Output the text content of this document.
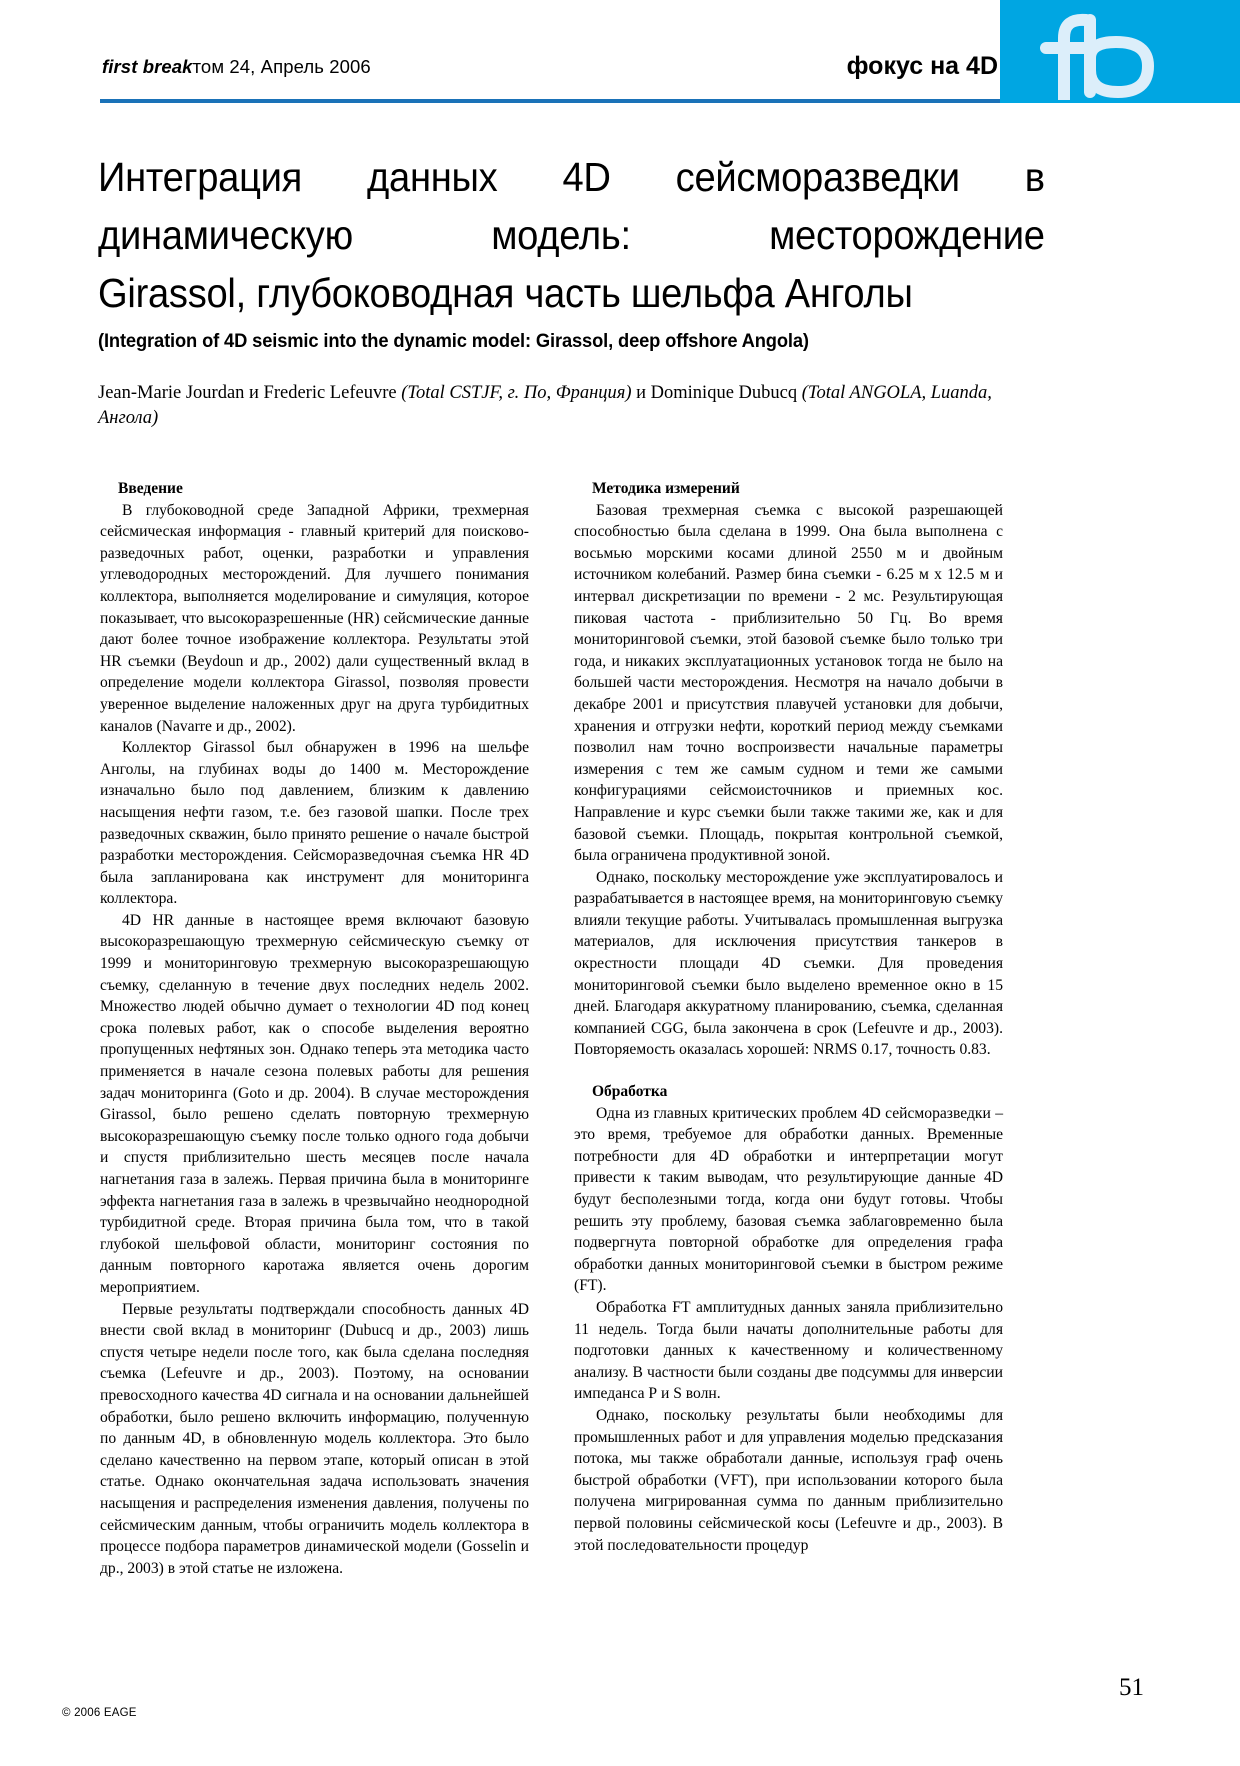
first breakтом 24, Апрель 2006	фокус на 4D
Интеграция данных 4D сейсморазведки в
динамическую модель: месторождение
Girassol, глубоководная часть шельфа Анголы
(Integration of 4D seismic into the dynamic model: Girassol, deep offshore Angola)
Jean-Marie Jourdan и Frederic Lefeuvre (Total CSTJF, г. По, Франция) и Dominique Dubucq (Total ANGOLA, Luanda, Ангола)
Введение

В глубоководной среде Западной Африки, трехмерная сейсмическая информация - главный критерий для поисково-разведочных работ, оценки, разработки и управления углеводородных месторождений. Для лучшего понимания коллектора, выполняется моделирование и симуляция, которое показывает, что высокоразрешенные (HR) сейсмические данные дают более точное изображение коллектора. Результаты этой HR съемки (Beydoun и др., 2002) дали существенный вклад в определение модели коллектора Girassol, позволяя провести уверенное выделение наложенных друг на друга турбидитных каналов (Navarre и др., 2002).

Коллектор Girassol был обнаружен в 1996 на шельфе Анголы, на глубинах воды до 1400 м. Месторождение изначально было под давлением, близким к давлению насыщения нефти газом, т.е. без газовой шапки. После трех разведочных скважин, было принято решение о начале быстрой разработки месторождения. Сейсморазведочная съемка HR 4D была запланирована как инструмент для мониторинга коллектора.

4D HR данные в настоящее время включают базовую высокоразрешающую трехмерную сейсмическую съемку от 1999 и мониторинговую трехмерную высокоразрешающую съемку, сделанную в течение двух последних недель 2002. Множество людей обычно думает о технологии 4D под конец срока полевых работ, как о способе выделения вероятно пропущенных нефтяных зон. Однако теперь эта методика часто применяется в начале сезона полевых работы для решения задач мониторинга (Goto и др. 2004). В случае месторождения Girassol, было решено сделать повторную трехмерную высокоразрешающую съемку после только одного года добычи и спустя приблизительно шесть месяцев после начала нагнетания газа в залежь. Первая причина была в мониторинге эффекта нагнетания газа в залежь в чрезвычайно неоднородной турбидитной среде. Вторая причина была том, что в такой глубокой шельфовой области, мониторинг состояния по данным повторного каротажа является очень дорогим мероприятием.

Первые результаты подтверждали способность данных 4D внести свой вклад в мониторинг (Dubucq и др., 2003) лишь спустя четыре недели после того, как была сделана последняя съемка (Lefeuvre и др., 2003). Поэтому, на основании превосходного качества 4D сигнала и на основании дальнейшей обработки, было решено включить информацию, полученную по данным 4D, в обновленную модель коллектора. Это было сделано качественно на первом этапе, который описан в этой статье. Однако окончательная задача использовать значения насыщения и распределения изменения давления, получены по сейсмическим данным, чтобы ограничить модель коллектора в процессе подбора параметров динамической модели (Gosselin и др., 2003) в этой статье не изложена.

Методика измерений

Базовая трехмерная съемка с высокой разрешающей способностью была сделана в 1999. Она была выполнена с восьмью морскими косами длиной 2550 м и двойным источником колебаний. Размер бина съемки - 6.25 м х 12.5 м и интервал дискретизации по времени - 2 мс. Результирующая пиковая частота - приблизительно 50 Гц. Во время мониторинговой съемки, этой базовой съемке было только три года, и никаких эксплуатационных установок тогда не было на большей части месторождения. Несмотря на начало добычи в декабре 2001 и присутствия плавучей установки для добычи, хранения и отгрузки нефти, короткий период между съемками позволил нам точно воспроизвести начальные параметры измерения с тем же самым судном и теми же самыми конфигурациями сейсмоисточников и приемных кос. Направление и курс съемки были также такими же, как и для базовой съемки. Площадь, покрытая контрольной съемкой, была ограничена продуктивной зоной.

Однако, поскольку месторождение уже эксплуатировалось и разрабатывается в настоящее время, на мониторинговую съемку влияли текущие работы. Учитывалась промышленная выгрузка материалов, для исключения присутствия танкеров в окрестности площади 4D съемки. Для проведения мониторинговой съемки было выделено временное окно в 15 дней. Благодаря аккуратному планированию, съемка, сделанная компанией CGG, была закончена в срок (Lefeuvre и др., 2003). Повторяемость оказалась хорошей: NRMS 0.17, точность 0.83.

Обработка

Одна из главных критических проблем 4D сейсморазведки – это время, требуемое для обработки данных. Временные потребности для 4D обработки и интерпретации могут привести к таким выводам, что результирующие данные 4D будут бесполезными тогда, когда они будут готовы. Чтобы решить эту проблему, базовая съемка заблаговременно была подвергнута повторной обработке для определения графа обработки данных мониторинговой съемки в быстром режиме (FT).

Обработка FT амплитудных данных заняла приблизительно 11 недель. Тогда были начаты дополнительные работы для подготовки данных к качественному и количественному анализу. В частности были созданы две подсуммы для инверсии импеданса Р и S волн.

Однако, поскольку результаты были необходимы для промышленных работ и для управления моделью предсказания потока, мы также обработали данные, используя граф очень быстрой обработки (VFT), при использовании которого была получена мигрированная сумма по данным приблизительно первой половины сейсмической косы (Lefeuvre и др., 2003). В этой последовательности процедур

51
© 2006 EAGE
